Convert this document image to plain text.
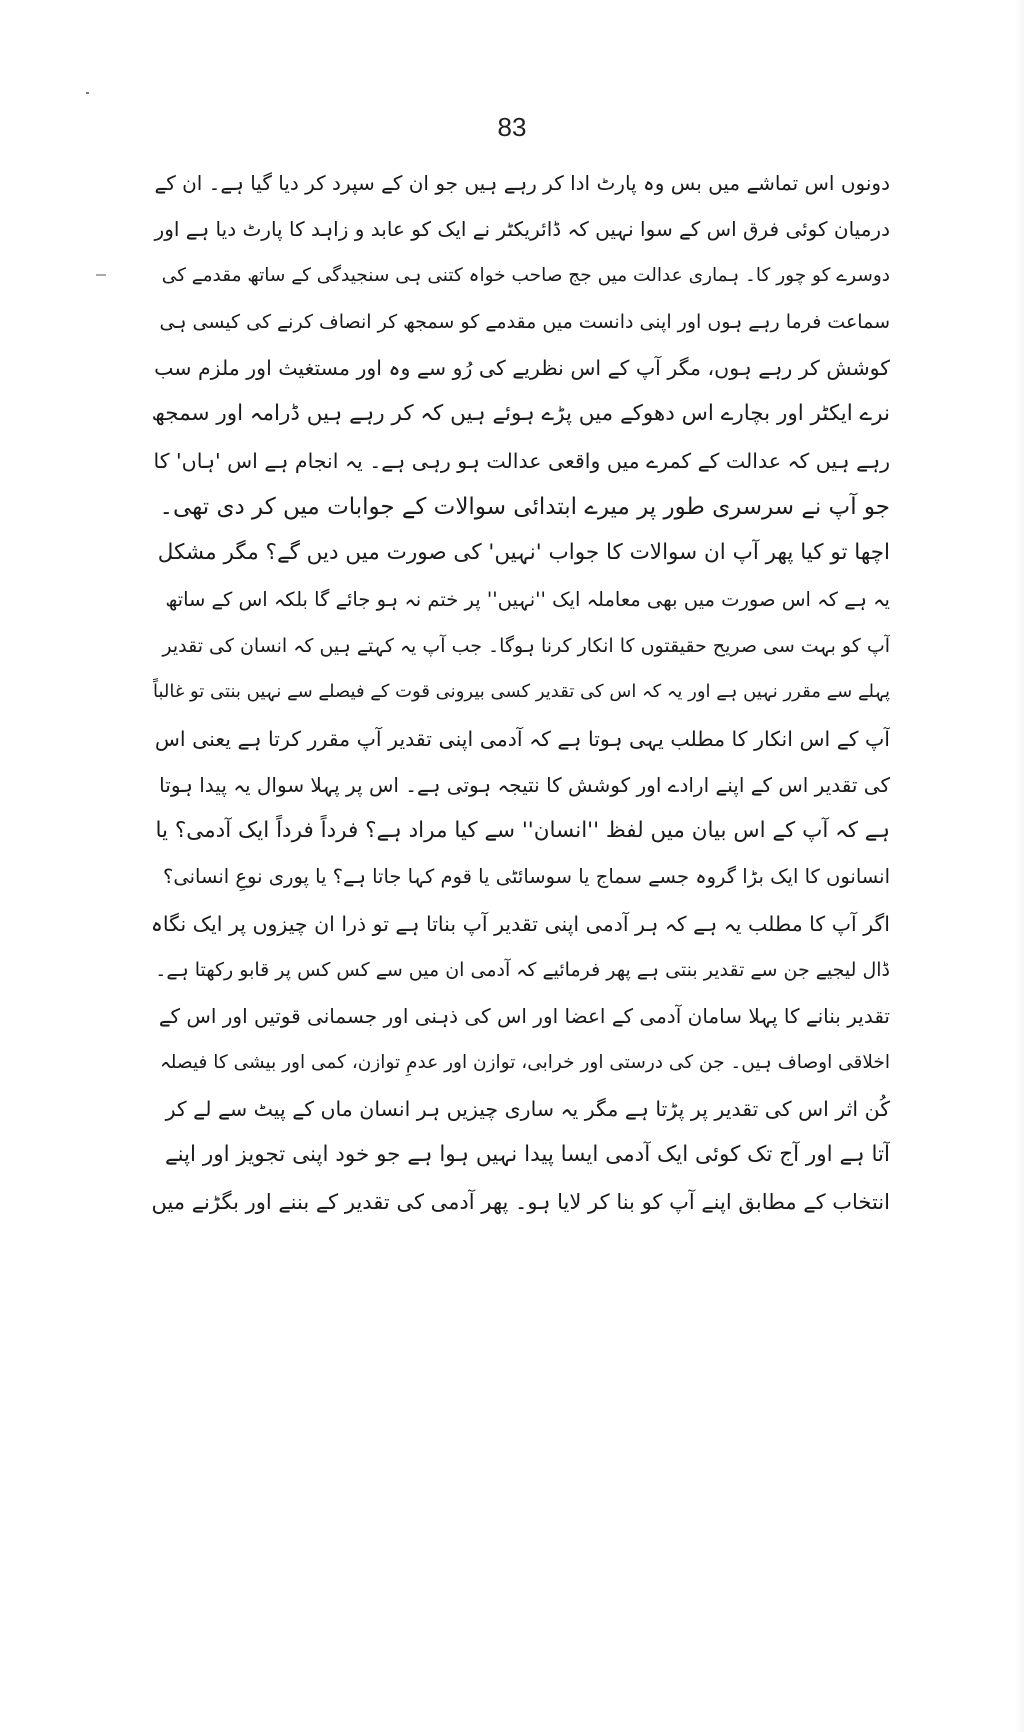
83
دونوں اس تماشے میں بس وہ پارٹ ادا کر رہے ہیں جو ان کے سپرد کر دیا گیا ہے۔ ان کے
درمیان کوئی فرق اس کے سوا نہیں کہ ڈائریکٹر نے ایک کو عابد و زاہد کا پارٹ دیا ہے اور
دوسرے کو چور کا۔ ہماری عدالت میں جج صاحب خواہ کتنی ہی سنجیدگی کے ساتھ مقدمے کی
سماعت فرما رہے ہوں اور اپنی دانست میں مقدمے کو سمجھ کر انصاف کرنے کی کیسی ہی
کوشش کر رہے ہوں، مگر آپ کے اس نظریے کی رُو سے وہ اور مستغیث اور ملزم سب
نرے ایکٹر اور بچارے اس دھوکے میں پڑے ہوئے ہیں کہ کر رہے ہیں ڈرامہ اور سمجھ
رہے ہیں کہ عدالت کے کمرے میں واقعی عدالت ہو رہی ہے۔ یہ انجام ہے اس 'ہاں' کا
جو آپ نے سرسری طور پر میرے ابتدائی سوالات کے جوابات میں کر دی تھی۔
اچھا تو کیا پھر آپ ان سوالات کا جواب 'نہیں' کی صورت میں دیں گے؟ مگر مشکل
یہ ہے کہ اس صورت میں بھی معاملہ ایک ''نہیں'' پر ختم نہ ہو جائے گا بلکہ اس کے ساتھ
آپ کو بہت سی صریح حقیقتوں کا انکار کرنا ہوگا۔ جب آپ یہ کہتے ہیں کہ انسان کی تقدیر
پہلے سے مقرر نہیں ہے اور یہ کہ اس کی تقدیر کسی بیرونی قوت کے فیصلے سے نہیں بنتی تو غالباً
آپ کے اس انکار کا مطلب یہی ہوتا ہے کہ آدمی اپنی تقدیر آپ مقرر کرتا ہے یعنی اس
کی تقدیر اس کے اپنے ارادے اور کوشش کا نتیجہ ہوتی ہے۔ اس پر پہلا سوال یہ پیدا ہوتا
ہے کہ آپ کے اس بیان میں لفظ ''انسان'' سے کیا مراد ہے؟ فرداً فرداً ایک آدمی؟ یا
انسانوں کا ایک بڑا گروہ جسے سماج یا سوسائٹی یا قوم کہا جاتا ہے؟ یا پوری نوعِ انسانی؟
اگر آپ کا مطلب یہ ہے کہ ہر آدمی اپنی تقدیر آپ بناتا ہے تو ذرا ان چیزوں پر ایک نگاہ
ڈال لیجیے جن سے تقدیر بنتی ہے پھر فرمائیے کہ آدمی ان میں سے کس کس پر قابو رکھتا ہے۔
تقدیر بنانے کا پہلا سامان آدمی کے اعضا اور اس کی ذہنی اور جسمانی قوتیں اور اس کے
اخلاقی اوصاف ہیں۔ جن کی درستی اور خرابی، توازن اور عدمِ توازن، کمی اور بیشی کا فیصلہ
کُن اثر اس کی تقدیر پر پڑتا ہے مگر یہ ساری چیزیں ہر انسان ماں کے پیٹ سے لے کر
آتا ہے اور آج تک کوئی ایک آدمی ایسا پیدا نہیں ہوا ہے جو خود اپنی تجویز اور اپنے
انتخاب کے مطابق اپنے آپ کو بنا کر لایا ہو۔ پھر آدمی کی تقدیر کے بننے اور بگڑنے میں
